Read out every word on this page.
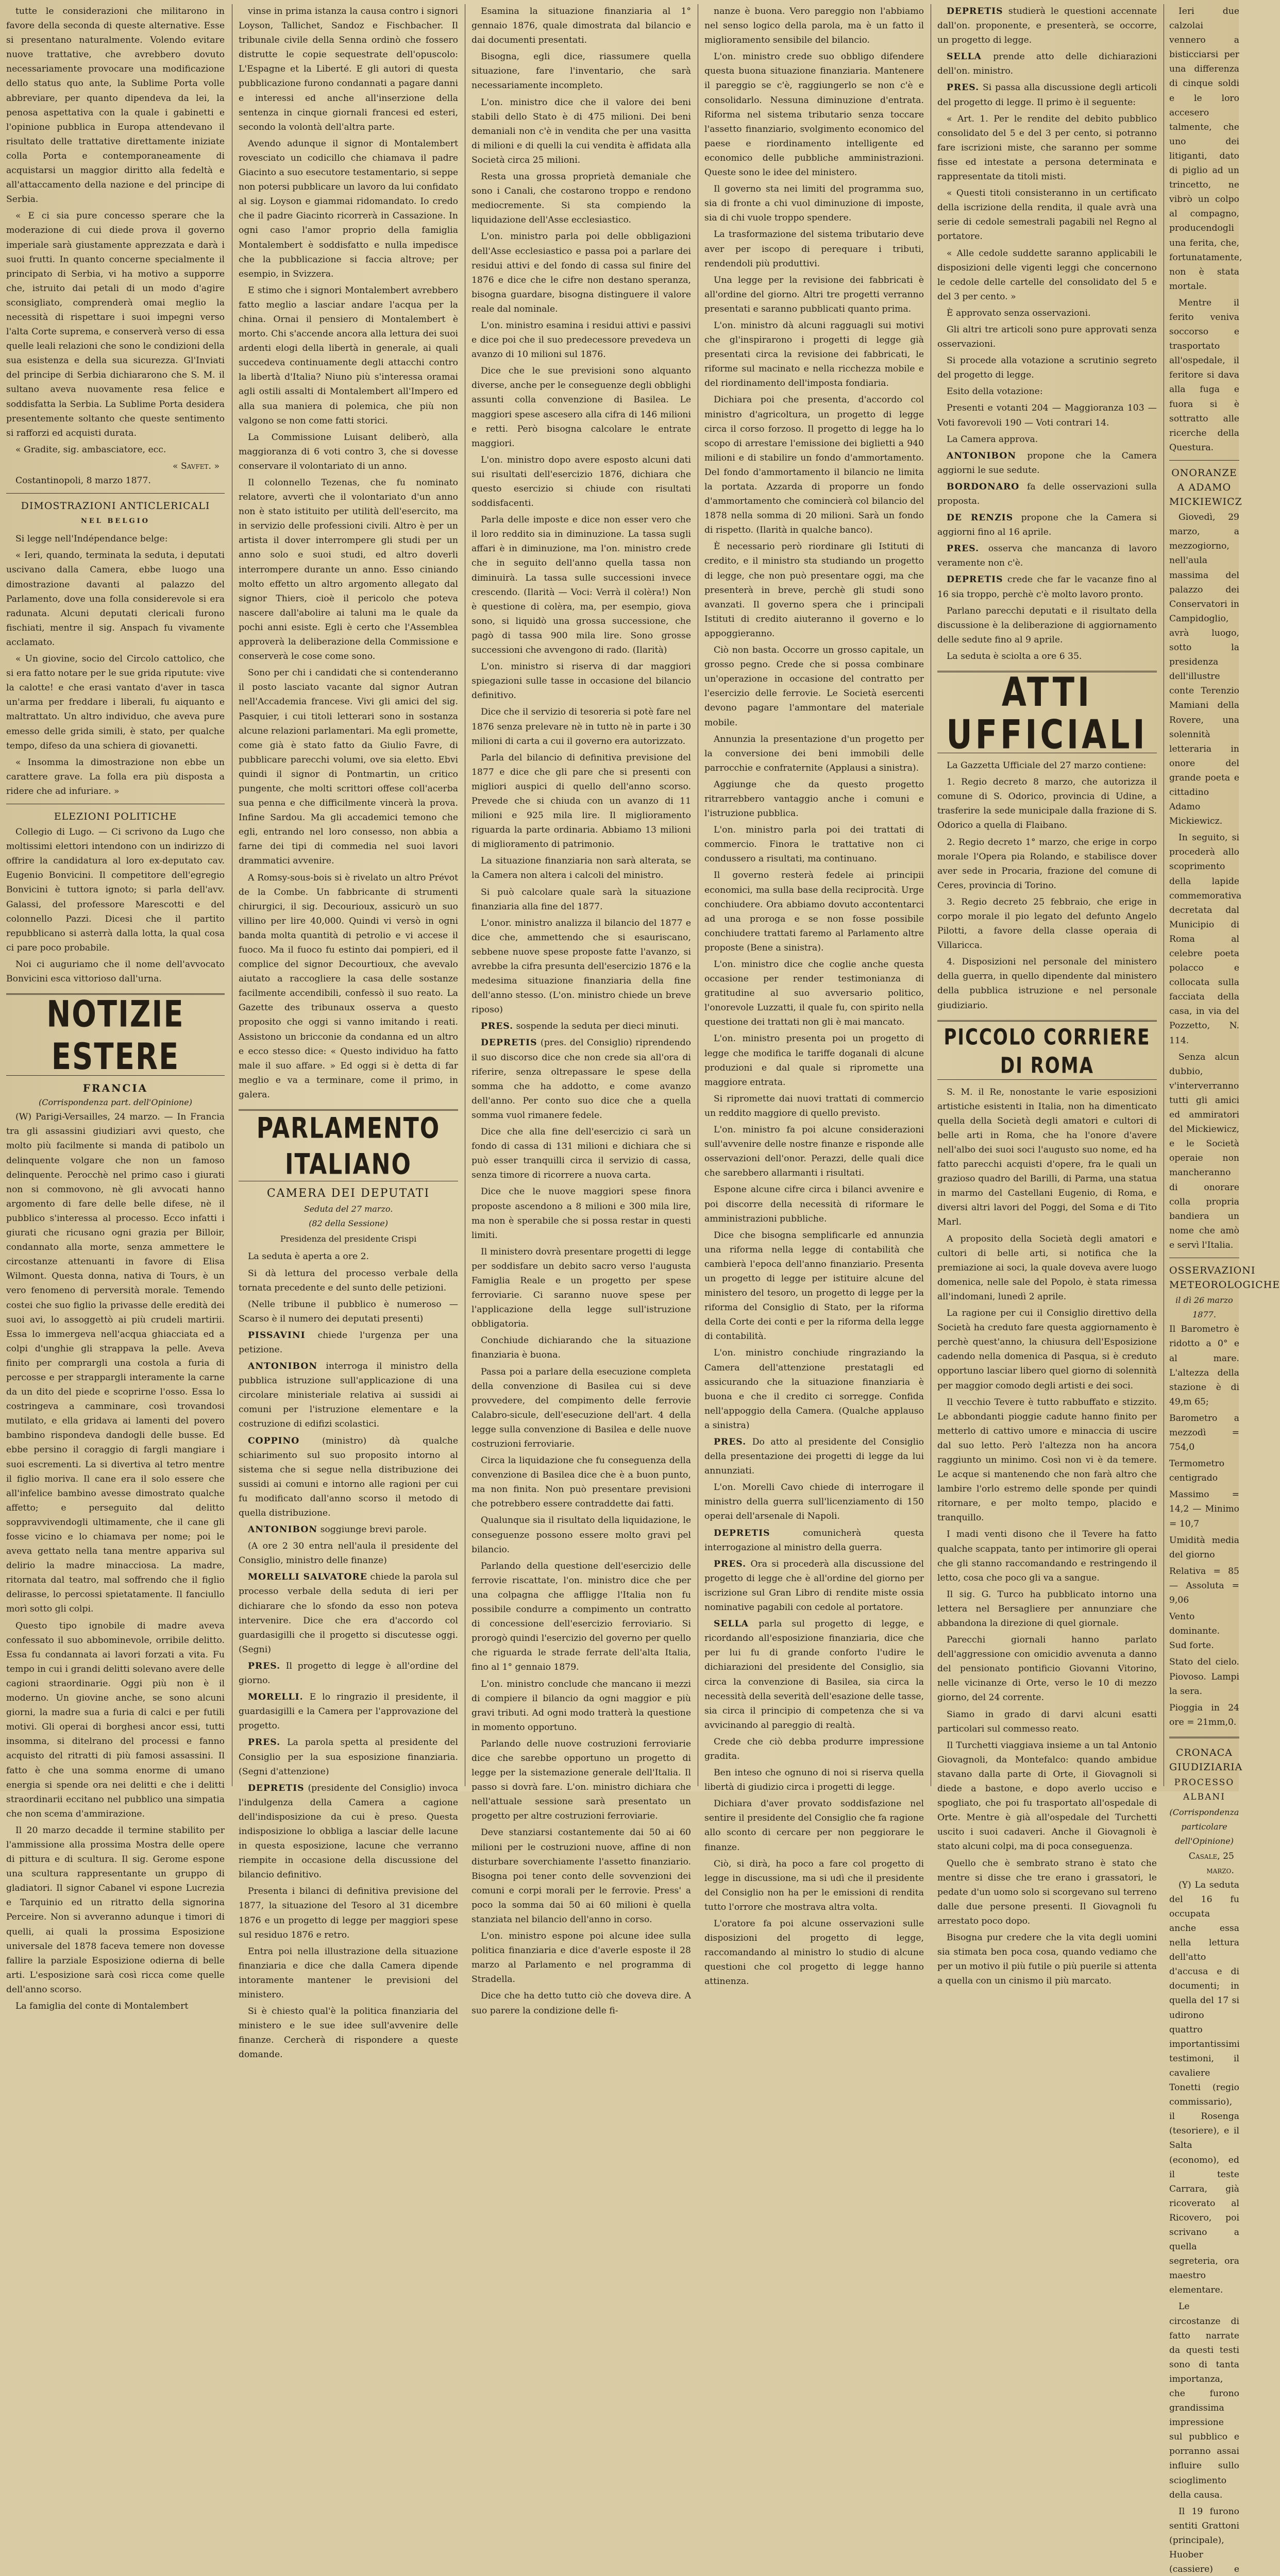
tutte le considerazioni che militarono in favore della seconda di queste alternative. Esse si presentano naturalmente. Volendo evitare nuove trattative, che avrebbero dovuto necessariamente provocare una modificazione dello status quo ante, la Sublime Porta volle abbreviare, per quanto dipendeva da lei, la penosa aspettativa con la quale i gabinetti e l'opinione pubblica in Europa attendevano il risultato delle trattative direttamente iniziate colla Porta e contemporaneamente di acquistarsi un maggior diritto alla fedeltà e all'attaccamento della nazione e del principe di Serbia.

« E ci sia pure concesso sperare che la moderazione di cui diede prova il governo imperiale sarà giustamente apprezzata e darà i suoi frutti. In quanto concerne specialmente il principato di Serbia, vi ha motivo a supporre che, istruito dai petali di un modo d'agire sconsigliato, comprenderà omai meglio la necessità di rispettare i suoi impegni verso l'alta Corte suprema, e conserverà verso di essa quelle leali relazioni che sono le condizioni della sua esistenza e della sua sicurezza. Gl'Inviati del principe di Serbia dichiararono che S. M. il sultano aveva nuovamente resa felice e soddisfatta la Serbia. La Sublime Porta desidera presentemente soltanto che queste sentimento si rafforzi ed acquisti durata.

« Gradite, sig. ambasciatore, ecc.

« Savfet. »

Costantinopoli, 8 marzo 1877.

DIMOSTRAZIONI ANTICLERICALI
NEL BELGIO

Si legge nell'Indépendance belge:

« Ieri, quando, terminata la seduta, i deputati uscivano dalla Camera, ebbe luogo una dimostrazione davanti al palazzo del Parlamento, dove una folla considerevole si era radunata. Alcuni deputati clericali furono fischiati, mentre il sig. Anspach fu vivamente acclamato.

« Un giovine, socio del Circolo cattolico, che si era fatto notare per le sue grida riputute: vive la calotte! e che erasi vantato d'aver in tasca un'arma per freddare i liberali, fu aiquanto e maltrattato. Un altro individuo, che aveva pure emesso delle grida simili, è stato, per qualche tempo, difeso da una schiera di giovanetti.

« Insomma la dimostrazione non ebbe un carattere grave. La folla era più disposta a ridere che ad infuriare. »

ELEZIONI POLITICHE

Collegio di Lugo. — Ci scrivono da Lugo che moltissimi elettori intendono con un indirizzo di offrire la candidatura al loro ex-deputato cav. Eugenio Bonvicini. Il competitore dell'egregio Bonvicini è tuttora ignoto; si parla dell'avv. Galassi, del professore Marescotti e del colonnello Pazzi. Dicesi che il partito repubblicano si asterrà dalla lotta, la qual cosa ci pare poco probabile.

Noi ci auguriamo che il nome dell'avvocato Bonvicini esca vittorioso dall'urna.

NOTIZIE ESTERE
FRANCIA
(Corrispondenza part. dell'Opinione)

(W) Parigi-Versailles, 24 marzo. — In Francia tra gli assassini giudiziari avvi questo, che molto più facilmente si manda di patibolo un delinquente volgare che non un famoso delinquente. Perocchè nel primo caso i giurati non si commovono, nè gli avvocati hanno argomento di fare delle belle difese, nè il pubblico s'interessa al processo. Ecco infatti i giurati che ricusano ogni grazia per Billoir, condannato alla morte, senza ammettere le circostanze attenuanti in favore di Elisa Wilmont. Questa donna, nativa di Tours, è un vero fenomeno di perversità morale. Temendo costei che suo figlio la privasse delle eredità dei suoi avi, lo assoggettò ai più crudeli martirii. Essa lo immergeva nell'acqua ghiacciata ed a colpi d'unghie gli strappava la pelle. Aveva finito per comprargli una costola a furia di percosse e per strappargli interamente la carne da un dito del piede e scoprirne l'osso. Essa lo costringeva a camminare, così trovandosi mutilato, e ella gridava ai lamenti del povero bambino rispondeva dandogli delle busse. Ed ebbe persino il coraggio di fargli mangiare i suoi escrementi. La si divertiva al tetro mentre il figlio moriva. Il cane era il solo essere che all'infelice bambino avesse dimostrato qualche affetto; e perseguito dal delitto soppravvivendogli ultimamente, che il cane gli fosse vicino e lo chiamava per nome; poi le aveva gettato nella tana mentre appariva sul delirio la madre minacciosa. La madre, ritornata dal teatro, mal soffrendo che il figlio delirasse, lo percossi spietatamente. Il fanciullo morì sotto gli colpi.

Questo tipo ignobile di madre aveva confessato il suo abbominevole, orribile delitto. Essa fu condannata ai lavori forzati a vita. Fu tempo in cui i grandi delitti solevano avere delle cagioni straordinarie. Oggi più non è il moderno. Un giovine anche, se sono alcuni giorni, la madre sua a furia di calci e per futili motivi. Gli operai di borghesi ancor essi, tutti insomma, si ditelrano del processi e fanno acquisto del ritratti di più famosi assassini. Il fatto è che una somma enorme di umano energia si spende ora nei delitti e che i delitti straordinarii eccitano nel pubblico una simpatia che non scema d'ammirazione.

Il 20 marzo decadde il termine stabilito per l'ammissione alla prossima Mostra delle opere di pittura e di scultura. Il sig. Gerome espone una scultura rappresentante un gruppo di gladiatori. Il signor Cabanel vi espone Lucrezia e Tarquinio ed un ritratto della signorina Perceire. Non si avveranno adunque i timori di quelli, ai quali la prossima Esposizione universale del 1878 faceva temere non dovesse fallire la parziale Esposizione odierna di belle arti. L'esposizione sarà così ricca come quelle dell'anno scorso.

La famiglia del conte di Montalembert

vinse in prima istanza la causa contro i signori Loyson, Tallichet, Sandoz e Fischbacher. Il tribunale civile della Senna ordinò che fossero distrutte le copie sequestrate dell'opuscolo: L'Espagne et la Liberté. E gli autori di questa pubblicazione furono condannati a pagare danni e interessi ed anche all'inserzione della sentenza in cinque giornali francesi ed esteri, secondo la volontà dell'altra parte.

Avendo adunque il signor di Montalembert rovesciato un codicillo che chiamava il padre Giacinto a suo esecutore testamentario, si seppe non potersi pubblicare un lavoro da lui confidato al sig. Loyson e giammai ridomandato. Io credo che il padre Giacinto ricorrerà in Cassazione. In ogni caso l'amor proprio della famiglia Montalembert è soddisfatto e nulla impedisce che la pubblicazione si faccia altrove; per esempio, in Svizzera.

E stimo che i signori Montalembert avrebbero fatto meglio a lasciar andare l'acqua per la china. Ornai il pensiero di Montalembert è morto. Chi s'accende ancora alla lettura dei suoi ardenti elogi della libertà in generale, ai quali succedeva continuamente degli attacchi contro la libertà d'Italia? Niuno più s'interessa oramai agli ostili assalti di Montalembert all'Impero ed alla sua maniera di polemica, che più non valgono se non come fatti storici.

La Commissione Luisant deliberò, alla maggioranza di 6 voti contro 3, che si dovesse conservare il volontariato di un anno.

Il colonnello Tezenas, che fu nominato relatore, avvertì che il volontariato d'un anno non è stato istituito per utilità dell'esercito, ma in servizio delle professioni civili. Altro è per un artista il dover interrompere gli studi per un anno solo e suoi studi, ed altro doverli interrompere durante un anno. Esso ciniando molto effetto un altro argomento allegato dal signor Thiers, cioè il pericolo che poteva nascere dall'abolire ai taluni ma le quale da pochi anni esiste. Egli è certo che l'Assemblea approverà la deliberazione della Commissione e conserverà le cose come sono.

Sono per chi i candidati che si contenderanno il posto lasciato vacante dal signor Autran nell'Accademia francese. Vivi gli amici del sig. Pasquier, i cui titoli letterari sono in sostanza alcune relazioni parlamentari. Ma egli promette, come già è stato fatto da Giulio Favre, di pubblicare parecchi volumi, ove sia eletto. Ebvi quindi il signor di Pontmartin, un critico pungente, che molti scrittori offese coll'acerba sua penna e che difficilmente vincerà la prova. Infine Sardou. Ma gli accademici temono che egli, entrando nel loro consesso, non abbia a farne dei tipi di commedia nel suoi lavori drammatici avvenire.

A Romsy-sous-bois si è rivelato un altro Prévot de la Combe. Un fabbricante di strumenti chirurgici, il sig. Decourioux, assicurò un suo villino per lire 40,000. Quindi vi versò in ogni banda molta quantità di petrolio e vi accese il fuoco. Ma il fuoco fu estinto dai pompieri, ed il complice del signor Decourtioux, che avevalo aiutato a raccogliere la casa delle sostanze facilmente accendibili, confessò il suo reato. La Gazette des tribunaux osserva a questo proposito che oggi si vanno imitando i reati. Assistono un bricconie da condanna ed un altro e ecco stesso dice: « Questo individuo ha fatto male il suo affare. » Ed oggi si è detta di far meglio e va a terminare, come il primo, in galera.

PARLAMENTO ITALIANO
CAMERA DEI DEPUTATI
Seduta del 27 marzo.
(82 della Sessione)
Presidenza del presidente Crispi

La seduta è aperta a ore 2.

Si dà lettura del processo verbale della tornata precedente e del sunto delle petizioni.

(Nelle tribune il pubblico è numeroso — Scarso è il numero dei deputati presenti)

PISSAVINI chiede l'urgenza per una petizione.

ANTONIBON interroga il ministro della pubblica istruzione sull'applicazione di una circolare ministeriale relativa ai sussidi ai comuni per l'istruzione elementare e la costruzione di edifizi scolastici.

COPPINO	(ministro) dà qualche schiarimento sul suo proposito intorno al sistema che si segue nella distribuzione dei sussidi ai comuni e intorno alle ragioni per cui fu modificato dall'anno scorso il metodo di quella distribuzione.

ANTONIBON soggiunge brevi parole.

(A ore 2 30 entra nell'aula il presidente del Consiglio, ministro delle finanze)

MORELLI SALVATORE chiede la parola sul processo verbale della seduta di ieri per dichiarare che lo sfondo da esso non poteva intervenire. Dice che era d'accordo col guardasigilli che il progetto si discutesse oggi. (Segni)

PRES. Il progetto di legge è all'ordine del giorno.

MORELLI. E lo ringrazio il presidente, il guardasigilli e la Camera per l'approvazione del progetto.

PRES. La parola spetta al presidente del Consiglio per la sua esposizione finanziaria. (Segni d'attenzione)

DEPRETIS (presidente del Consiglio) invoca l'indulgenza della Camera a cagione dell'indisposizione da cui è preso. Questa indisposizione lo obbliga a lasciar delle lacune in questa esposizione, lacune che verranno riempite in occasione della discussione del bilancio definitivo.

Presenta i bilanci di definitiva previsione del 1877, la situazione del Tesoro al 31 dicembre 1876 e un progetto di legge per maggiori spese sul residuo 1876 e retro.

Entra poi nella illustrazione della situazione finanziaria e dice che dalla Camera dipende intoramente mantener le previsioni del ministero.

Si è chiesto qual'è la politica finanziaria del ministero e le sue idee sull'avvenire delle finanze. Cercherà di rispondere a queste domande.

Esamina la situazione finanziaria al 1° gennaio 1876, quale dimostrata dal bilancio e dai documenti presentati.

Bisogna, egli dice, riassumere quella situazione, fare l'inventario, che sarà necessariamente incompleto.

L'on. ministro dice che il valore dei beni stabili dello Stato è di 475 milioni. Dei beni demaniali non c'è in vendita che per una vasitta di milioni e di quelli la cui vendita è affidata alla Società circa 25 milioni.

Resta una grossa proprietà demaniale che sono i Canali, che costarono troppo e rendono mediocremente. Si sta compiendo la liquidazione dell'Asse ecclesiastico.

L'on. ministro parla poi delle obbligazioni dell'Asse ecclesiastico e passa poi a parlare dei residui attivi e del fondo di cassa sul finire del 1876 e dice che le cifre non destano speranza, bisogna guardare, bisogna distinguere il valore reale dal nominale.

L'on. ministro esamina i residui attivi e passivi e dice poi che il suo predecessore prevedeva un avanzo di 10 milioni sul 1876.

Dice che le sue previsioni sono alquanto diverse, anche per le conseguenze degli obblighi assunti colla convenzione di Basilea. Le maggiori spese ascesero alla cifra di 146 milioni e retti. Però bisogna calcolare le entrate maggiori.

L'on. ministro dopo avere esposto alcuni dati sui risultati dell'esercizio 1876, dichiara che questo esercizio si chiude con risultati soddisfacenti.

Parla delle imposte e dice non esser vero che il loro reddito sia in diminuzione. La tassa sugli affari è in diminuzione, ma l'on. ministro crede che in seguito dell'anno quella tassa non diminuirà. La tassa sulle successioni invece crescendo. (Ilarità — Voci: Verrà il colèra!) Non è questione di colèra, ma, per esempio, giova sono, si liquidò una grossa successione, che pagò di tassa 900 mila lire. Sono grosse successioni che avvengono di rado. (Ilarità)

L'on. ministro si riserva di dar maggiori spiegazioni sulle tasse in occasione del bilancio definitivo.

Dice che il servizio di tesoreria si potè fare nel 1876 senza prelevare nè in tutto nè in parte i 30 milioni di carta a cui il governo era autorizzato.

Parla del bilancio di definitiva previsione del 1877 e dice che gli pare che si presenti con migliori auspici di quello dell'anno scorso. Prevede che si chiuda con un avanzo di 11 milioni e 925 mila lire. Il miglioramento riguarda la parte ordinaria. Abbiamo 13 milioni di miglioramento di patrimonio.

La situazione finanziaria non sarà alterata, se la Camera non altera i calcoli del ministro.

Si può calcolare quale sarà la situazione finanziaria alla fine del 1877.

L'onor. ministro analizza il bilancio del 1877 e dice che, ammettendo che si esauriscano, sebbene nuove spese proposte fatte l'avanzo, si avrebbe la cifra presunta dell'esercizio 1876 e la medesima situazione finanziaria della fine dell'anno stesso. (L'on. ministro chiede un breve riposo)

PRES. sospende la seduta per dieci minuti.

DEPRETIS (pres. del Consiglio) riprendendo il suo discorso dice che non crede sia all'ora di riferire, senza oltrepassare le spese della somma che ha addotto, e come avanzo dell'anno. Per conto suo dice che a quella somma vuol rimanere fedele.

Dice che alla fine dell'esercizio ci sarà un fondo di cassa di 131 milioni e dichiara che si può esser tranquilli circa il servizio di cassa, senza timore di ricorrere a nuova carta.

Dice che le nuove maggiori spese finora proposte ascendono a 8 milioni e 300 mila lire, ma non è sperabile che si possa restar in questi limiti.

Il ministero dovrà presentare progetti di legge per soddisfare un debito sacro verso l'augusta Famiglia Reale e un progetto per spese ferroviarie. Ci saranno nuove spese per l'applicazione della legge sull'istruzione obbligatoria.

Conchiude dichiarando che la situazione finanziaria è buona.

Passa poi a parlare della esecuzione completa della convenzione di Basilea cui si deve provvedere, del compimento delle ferrovie Calabro-sicule, dell'esecuzione dell'art. 4 della legge sulla convenzione di Basilea e delle nuove costruzioni ferroviarie.

Circa la liquidazione che fu conseguenza della convenzione di Basilea dice che è a buon punto, ma non finita. Non può presentare previsioni che potrebbero essere contraddette dai fatti.

Qualunque sia il risultato della liquidazione, le conseguenze possono essere molto gravi pel bilancio.

Parlando della questione dell'esercizio delle ferrovie riscattate, l'on. ministro dice che per una colpagna che affligge l'Italia non fu possibile condurre a compimento un contratto di concessione dell'esercizio ferroviario. Si prorogò quindi l'esercizio del governo per quello che riguarda le strade ferrate dell'alta Italia, fino al 1° gennaio 1879.

L'on. ministro conclude che mancano ii mezzi di compiere il bilancio da ogni maggior e più gravi tributi. Ad ogni modo tratterà la questione in momento opportuno.

Parlando delle nuove costruzioni ferroviarie dice che sarebbe opportuno un progetto di legge per la sistemazione generale dell'Italia. Il passo si dovrà fare. L'on. ministro dichiara che nell'attuale sessione sarà presentato un progetto per altre costruzioni ferroviarie.

Deve stanziarsi costantemente dai 50 ai 60 milioni per le costruzioni nuove, affine di non disturbare soverchiamente l'assetto finanziario. Bisogna poi tener conto delle sovvenzioni dei comuni e corpi morali per le ferrovie. Press' a poco la somma dai 50 ai 60 milioni è quella stanziata nel bilancio dell'anno in corso.

L'on. ministro espone poi alcune idee sulla politica finanziaria e dice d'averle esposte il 28 marzo al Parlamento e nel programma di Stradella.

Dice che ha detto tutto ciò che doveva dire. A suo parere la condizione delle fi-

nanze è buona. Vero pareggio non l'abbiamo nel senso logico della parola, ma è un fatto il miglioramento sensibile del bilancio.

L'on. ministro crede suo obbligo difendere questa buona situazione finanziaria. Mantenere il pareggio se c'è, raggiungerlo se non c'è e consolidarlo. Nessuna diminuzione d'entrata. Riforma nel sistema tributario senza toccare l'assetto finanziario, svolgimento economico del paese e riordinamento intelligente ed economico delle pubbliche amministrazioni. Queste sono le idee del ministero.

Il governo sta nei limiti del programma suo, sia di fronte a chi vuol diminuzione di imposte, sia di chi vuole troppo spendere.

La trasformazione del sistema tributario deve aver per iscopo di perequare i tributi, rendendoli più produttivi.

Una legge per la revisione dei fabbricati è all'ordine del giorno. Altri tre progetti verranno presentati e saranno pubblicati quanto prima.

L'on. ministro dà alcuni ragguagli sui motivi che gl'inspirarono i progetti di legge già presentati circa la revisione dei fabbricati, le riforme sul macinato e nella ricchezza mobile e del riordinamento dell'imposta fondiaria.

Dichiara poi che presenta, d'accordo col ministro d'agricoltura, un progetto di legge circa il corso forzoso. Il progetto di legge ha lo scopo di arrestare l'emissione dei biglietti a 940 milioni e di stabilire un fondo d'ammortamento. Del fondo d'ammortamento il bilancio ne limita la portata. Azzarda di proporre un fondo d'ammortamento che comincierà col bilancio del 1878 nella somma di 20 milioni. Sarà un fondo di rispetto. (Ilarità in qualche banco).

È necessario però riordinare gli Istituti di credito, e il ministro sta studiando un progetto di legge, che non può presentare oggi, ma che presenterà in breve, perchè gli studi sono avanzati. Il governo spera che i principali Istituti di credito aiuteranno il governo e lo appoggieranno.

Ciò non basta. Occorre un grosso capitale, un grosso pegno. Crede che si possa combinare un'operazione in occasione del contratto per l'esercizio delle ferrovie. Le Società esercenti devono pagare l'ammontare del materiale mobile.

Annunzia la presentazione d'un progetto per la conversione dei beni immobili delle parrocchie e confraternite (Applausi a sinistra).

Aggiunge che da questo progetto ritrarrebbero vantaggio anche i comuni e l'istruzione pubblica.

L'on. ministro parla poi dei trattati di commercio. Finora le trattative non ci condussero a risultati, ma continuano.

Il governo resterà fedele ai principii economici, ma sulla base della reciprocità. Urge conchiudere. Ora abbiamo dovuto accontentarci ad una proroga e se non fosse possibile conchiudere trattati faremo al Parlamento altre proposte (Bene a sinistra).

L'on. ministro dice che coglie anche questa occasione per render testimonianza di gratitudine al suo avversario politico, l'onorevole Luzzatti, il quale fu, con spirito nella questione dei trattati non gli è mai mancato.

L'on. ministro presenta poi un progetto di legge che modifica le tariffe doganali di alcune produzioni e dal quale si ripromette una maggiore entrata.

Si ripromette dai nuovi trattati di commercio un reddito maggiore di quello previsto.

L'on. ministro fa poi alcune considerazioni sull'avvenire delle nostre finanze e risponde alle osservazioni dell'onor. Perazzi, delle quali dice che sarebbero allarmanti i risultati.

Espone alcune cifre circa i bilanci avvenire e poi discorre della necessità di riformare le amministrazioni pubbliche.

Dice che bisogna semplificarle ed annunzia una riforma nella legge di contabilità che cambierà l'epoca dell'anno finanziario. Presenta un progetto di legge per istituire alcune del ministero del tesoro, un progetto di legge per la riforma del Consiglio di Stato, per la riforma della Corte dei conti e per la riforma della legge di contabilità.

L'on. ministro conchiude ringraziando la Camera dell'attenzione prestatagli ed assicurando che la situazione finanziaria è buona e che il credito ci sorregge. Confida nell'appoggio della Camera. (Qualche applauso a sinistra)

PRES. Do atto al presidente del Consiglio della presentazione dei progetti di legge da lui annunziati.

L'on. Morelli Cavo chiede di interrogare il ministro della guerra sull'licenziamento di 150 operai dell'arsenale di Napoli.

DEPRETIS	comunicherà questa interrogazione al ministro della guerra.

PRES. Ora si procederà alla discussione del progetto di legge che è all'ordine del giorno per iscrizione sul Gran Libro di rendite miste ossia nominative pagabili con cedole al portatore.

SELLA parla sul progetto di legge, e ricordando all'esposizione finanziaria, dice che per lui fu di grande conforto l'udire le dichiarazioni del presidente del Consiglio, sia circa la convenzione di Basilea, sia circa la necessità della severità dell'esazione delle tasse, sia circa il principio di competenza che si va avvicinando al pareggio di realtà.

Crede che ciò debba produrre impressione gradita.

Ben inteso che ognuno di noi si riserva quella libertà di giudizio circa i progetti di legge.

Dichiara d'aver provato soddisfazione nel sentire il presidente del Consiglio che fa ragione allo sconto di cercare per non peggiorare le finanze.

Ciò, si dirà, ha poco a fare col progetto di legge in discussione, ma si udì che il presidente del Consiglio non ha per le emissioni di rendita tutto l'orrore che mostrava altra volta.

L'oratore fa poi alcune osservazioni sulle disposizioni del progetto di legge, raccomandando al ministro lo studio di alcune questioni che col progetto di legge hanno attinenza.

DEPRETIS studierà le questioni accennate dall'on. proponente, e presenterà, se occorre, un progetto di legge.

SELLA prende atto delle dichiarazioni dell'on. ministro.

PRES. Si passa alla discussione degli articoli del progetto di legge. Il primo è il seguente:

« Art. 1. Per le rendite del debito pubblico consolidato del 5 e del 3 per cento, si potranno fare iscrizioni miste, che saranno per somme fisse ed intestate a persona determinata e rappresentate da titoli misti.

« Questi titoli consisteranno in un certificato della iscrizione della rendita, il quale avrà una serie di cedole semestrali pagabili nel Regno al portatore.

« Alle cedole suddette saranno applicabili le disposizioni delle vigenti leggi che concernono le cedole delle cartelle del consolidato del 5 e del 3 per cento. »

È approvato senza osservazioni.

Gli altri tre articoli sono pure approvati senza osservazioni.

Si procede alla votazione a scrutinio segreto del progetto di legge.

Esito della votazione:

Presenti e votanti 204 — Maggioranza 103 — Voti favorevoli 190 — Voti contrari 14.

La Camera approva.

ANTONIBON propone che la Camera aggiorni le sue sedute.

BORDONARO fa delle osservazioni sulla proposta.

DE RENZIS propone che la Camera si aggiorni fino al 16 aprile.

PRES. osserva che mancanza di lavoro veramente non c'è.

DEPRETIS crede che far le vacanze fino al 16 sia troppo, perchè c'è molto lavoro pronto.

Parlano parecchi deputati e il risultato della discussione è la deliberazione di aggiornamento delle sedute fino al 9 aprile.

La seduta è sciolta a ore 6 35.

ATTI UFFICIALI

La Gazzetta Ufficiale del 27 marzo contiene:

1. Regio decreto 8 marzo, che autorizza il comune di S. Odorico, provincia di Udine, a trasferire la sede municipale dalla frazione di S. Odorico a quella di Flaibano.

2. Regio decreto 1° marzo, che erige in corpo morale l'Opera pia Rolando, e stabilisce dover aver sede in Procaria, frazione del comune di Ceres, provincia di Torino.

3. Regio decreto 25 febbraio, che erige in corpo morale il pio legato del defunto Angelo Pilotti, a favore della classe operaia di Villaricca.

4. Disposizioni nel personale del ministero della guerra, in quello dipendente dal ministero della pubblica istruzione e nel personale giudiziario.

PICCOLO CORRIERE DI ROMA

S. M. il Re, nonostante le varie esposizioni artistiche esistenti in Italia, non ha dimenticato quella della Società degli amatori e cultori di belle arti in Roma, che ha l'onore d'avere nell'albo dei suoi soci l'augusto suo nome, ed ha fatto parecchi acquisti d'opere, fra le quali un grazioso quadro del Barilli, di Parma, una statua in marmo del Castellani Eugenio, di Roma, e diversi altri lavori del Poggi, del Soma e di Tito Marl.

A proposito della Società degli amatori e cultori di belle arti, si notifica che la premiazione ai soci, la quale doveva avere luogo domenica, nelle sale del Popolo, è stata rimessa all'indomani, lunedì 2 aprile.

La ragione per cui il Consiglio direttivo della Società ha creduto fare questa aggiornamento è perchè quest'anno, la chiusura dell'Esposizione cadendo nella domenica di Pasqua, si è creduto opportuno lasciar libero quel giorno di solennità per maggior comodo degli artisti e dei soci.

Il vecchio Tevere è tutto rabbuffato e stizzito. Le abbondanti pioggie cadute hanno finito per metterlo di cattivo umore e minaccia di uscire dal suo letto. Però l'altezza non ha ancora raggiunto un minimo. Così non vi è da temere. Le acque si mantenendo che non farà altro che lambire l'orlo estremo delle sponde per quindi ritornare, e per molto tempo, placido e tranquillo.

I madi venti disono che il Tevere ha fatto qualche scappata, tanto per intimorire gli operai che gli stanno raccomandando e restringendo il letto, cosa che poco gli va a sangue.

Il sig. G. Turco ha pubblicato intorno una lettera nel Bersagliere per annunziare che abbandona la direzione di quel giornale.

Parecchi giornali hanno parlato dell'aggressione con omicidio avvenuta a danno del pensionato pontificio Giovanni Vitorino, nelle vicinanze di Orte, verso le 10 di mezzo giorno, del 24 corrente.

Siamo in grado di darvi alcuni esatti particolari sul commesso reato.

Il Turchetti viaggiava insieme a un tal Antonio Giovagnoli, da Montefalco: quando ambidue stavano dalla parte di Orte, il Giovagnoli si diede a bastone, e dopo averlo ucciso e spogliato, che poi fu trasportato all'ospedale di Orte. Mentre è già all'ospedale del Turchetti uscito i suoi cadaveri. Anche il Giovagnoli è stato alcuni colpi, ma di poca conseguenza.

Quello che è sembrato strano è stato che mentre si disse che tre erano i grassatori, le pedate d'un uomo solo si scorgevano sul terreno dalle due persone presenti. Il Giovagnoli fu arrestato poco dopo.

Bisogna pur credere che la vita degli uomini sia stimata ben poca cosa, quando vediamo che per un motivo il più futile o più puerile si attenta a quella con un cinismo il più marcato.

Ieri due calzolai vennero a bisticciarsi per una differenza di cinque soldi e le loro accesero talmente, che uno dei litiganti, dato di piglio ad un trincetto, ne vibrò un colpo al compagno, producendogli una ferita, che, fortunatamente, non è stata mortale.

Mentre il ferito veniva soccorso e trasportato all'ospedale, il feritore si dava alla fuga e fuora si è sottratto alle ricerche della Questura.

ONORANZE A ADAMO MICKIEWICZ

Giovedì, 29 marzo, a mezzogiorno, nell'aula massima del palazzo dei Conservatori in Campidoglio, avrà luogo, sotto la presidenza dell'illustre conte Terenzio Mamiani della Rovere, una solennità letteraria in onore del grande poeta e cittadino Adamo Mickiewicz.

In seguito, si procederà allo scoprimento della lapide commemorativa decretata dal Municipio di Roma al celebre poeta polacco e collocata sulla facciata della casa, in via del Pozzetto, N. 114.

Senza alcun dubbio, v'interverranno tutti gli amici ed ammiratori del Mickiewicz, e le Società operaie non mancheranno di onorare colla propria bandiera un nome che amò e servì l'Italia.

OSSERVAZIONI METEOROLOGICHE
il dì 26 marzo 1877.

Il Barometro è ridotto a 0° e al mare. L'altezza della stazione è di 49,m 65;

Barometro a mezzodì = 754,0

Termometro centigrado

Massimo = 14,2 — Minimo = 10,7

Umidità media del giorno

Relativa = 85 — Assoluta = 9,06

Vento dominante. Sud forte.

Stato del cielo. Piovoso. Lampi la sera.

Pioggia in 24 ore = 21mm,0.

CRONACA GIUDIZIARIA
PROCESSO ALBANI
(Corrispondenza particolare dell'Opinione)
Casale, 25 marzo.

(Y) La seduta del 16 fu occupata anche essa nella lettura dell'atto d'accusa e di documenti; in quella del 17 si udirono quattro importantissimi testimoni, il cavaliere Tonetti (regio commissario), il Rosenga (tesoriere), e il Salta (economo), ed il teste Carrara, già ricoverato al Ricovero, poi scrivano a quella segreteria, ora maestro elementare.

Le circostanze di fatto narrate da questi testi sono di tanta importanza, che furono grandissima impressione sul pubblico e porranno assai influire sullo scioglimento della causa.

Il 19 furono sentiti Grattoni (principale), Huober (cassiere) e
